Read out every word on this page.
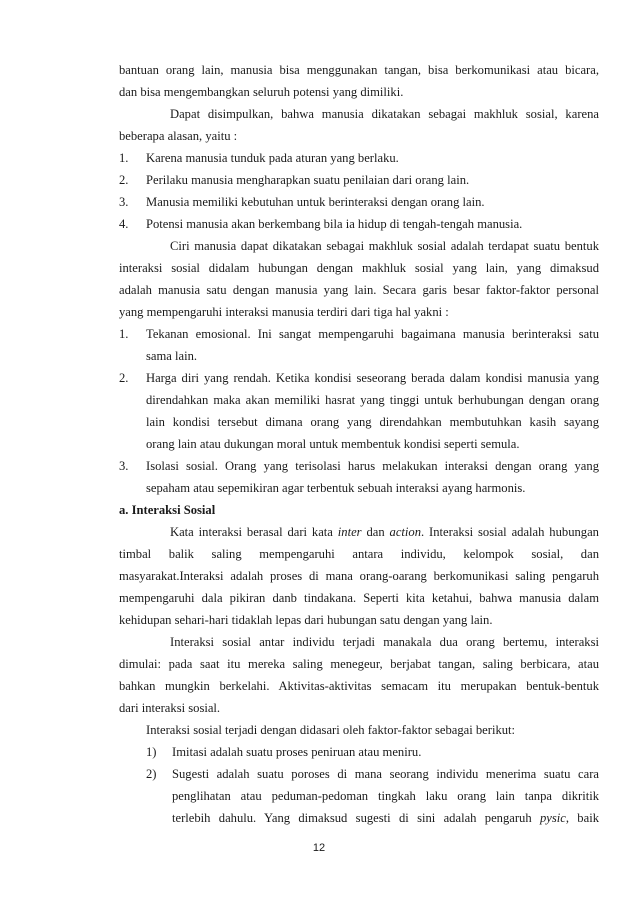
bantuan orang lain, manusia bisa menggunakan tangan, bisa berkomunikasi atau bicara,
dan bisa mengembangkan seluruh potensi yang dimiliki.
Dapat disimpulkan, bahwa manusia dikatakan sebagai makhluk sosial, karena
beberapa alasan, yaitu :
1. Karena manusia tunduk pada aturan yang berlaku.
2. Perilaku manusia mengharapkan suatu penilaian dari orang lain.
3. Manusia memiliki kebutuhan untuk berinteraksi dengan orang lain.
4. Potensi manusia akan berkembang bila ia hidup di tengah-tengah manusia.
Ciri manusia dapat dikatakan sebagai makhluk sosial adalah terdapat suatu bentuk
interaksi sosial didalam hubungan dengan makhluk sosial yang lain, yang dimaksud
adalah manusia satu dengan manusia yang lain. Secara garis besar faktor-faktor personal
yang mempengaruhi interaksi manusia terdiri dari tiga hal yakni :
1. Tekanan emosional. Ini sangat mempengaruhi bagaimana manusia berinteraksi satu
sama lain.
2. Harga diri yang rendah. Ketika kondisi seseorang berada dalam kondisi manusia yang
direndahkan maka akan memiliki hasrat yang tinggi untuk berhubungan dengan orang
lain kondisi tersebut dimana orang yang direndahkan membutuhkan kasih sayang
orang lain atau dukungan moral untuk membentuk kondisi seperti semula.
3. Isolasi sosial. Orang yang terisolasi harus melakukan interaksi dengan orang yang
sepaham atau sepemikiran agar terbentuk sebuah interaksi ayang harmonis.
a. Interaksi Sosial
Kata interaksi berasal dari kata inter dan action. Interaksi sosial adalah hubungan
timbal balik saling mempengaruhi antara individu, kelompok sosial, dan
masyarakat.Interaksi adalah proses di mana orang-oarang berkomunikasi saling pengaruh
mempengaruhi dala pikiran danb tindakana. Seperti kita ketahui, bahwa manusia dalam
kehidupan sehari-hari tidaklah lepas dari hubungan satu dengan yang lain.
Interaksi sosial antar individu terjadi manakala dua orang bertemu, interaksi
dimulai: pada saat itu mereka saling menegeur, berjabat tangan, saling berbicara, atau
bahkan mungkin berkelahi. Aktivitas-aktivitas semacam itu merupakan bentuk-bentuk
dari interaksi sosial.
Interaksi sosial terjadi dengan didasari oleh faktor-faktor sebagai berikut:
1) Imitasi adalah suatu proses peniruan atau meniru.
2) Sugesti adalah suatu poroses di mana seorang individu menerima suatu cara
penglihatan atau peduman-pedoman tingkah laku orang lain tanpa dikritik
terlebih dahulu. Yang dimaksud sugesti di sini adalah pengaruh pysic, baik
12
